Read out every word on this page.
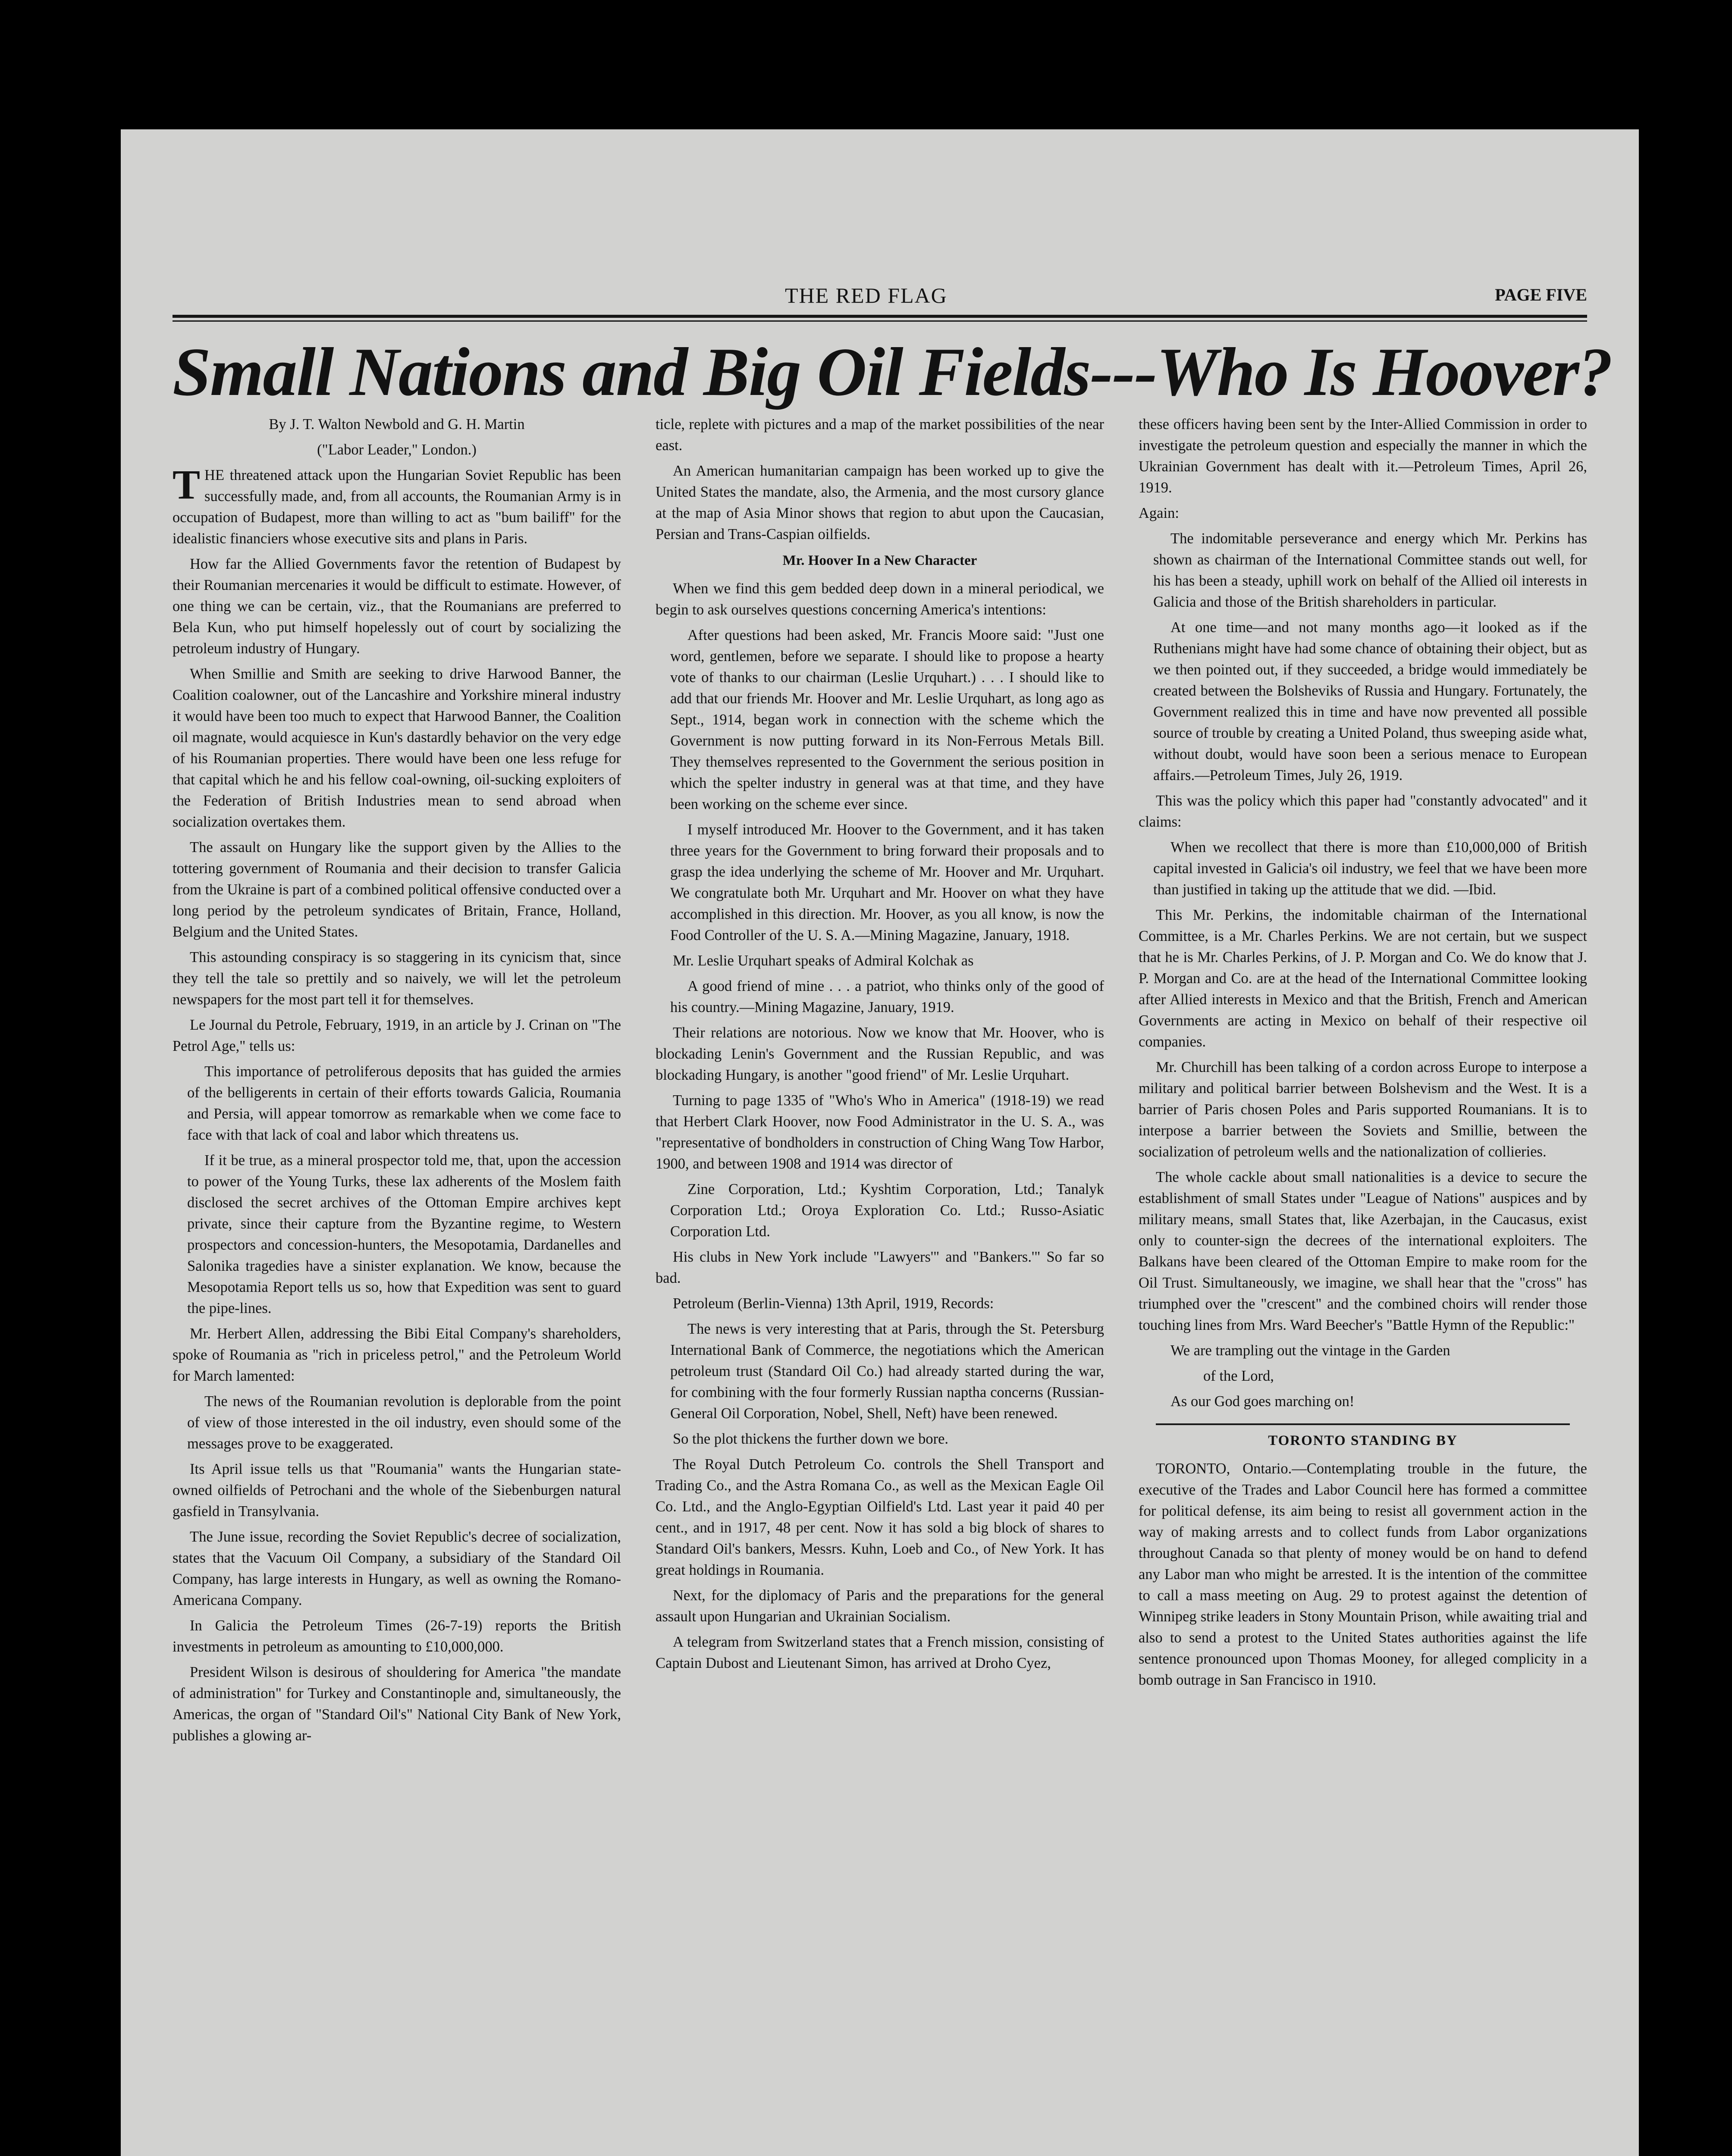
THE RED FLAG	PAGE FIVE
Small Nations and Big Oil Fields---Who Is Hoover?

By J. T. Walton Newbold and G. H. Martin

("Labor Leader," London.)

THE threatened attack upon the Hungarian Soviet Republic has been successfully made, and, from all accounts, the Roumanian Army is in occupation of Budapest, more than willing to act as "bum bailiff" for the idealistic financiers whose executive sits and plans in Paris.

How far the Allied Governments favor the retention of Budapest by their Roumanian mercenaries it would be difficult to estimate. However, of one thing we can be certain, viz., that the Roumanians are preferred to Bela Kun, who put himself hopelessly out of court by socializing the petroleum industry of Hungary.

When Smillie and Smith are seeking to drive Harwood Banner, the Coalition coalowner, out of the Lancashire and Yorkshire mineral industry it would have been too much to expect that Harwood Banner, the Coalition oil magnate, would acquiesce in Kun's dastardly behavior on the very edge of his Roumanian properties. There would have been one less refuge for that capital which he and his fellow coal-owning, oil-sucking exploiters of the Federation of British Industries mean to send abroad when socialization overtakes them.

The assault on Hungary like the support given by the Allies to the tottering government of Roumania and their decision to transfer Galicia from the Ukraine is part of a combined political offensive conducted over a long period by the petroleum syndicates of Britain, France, Holland, Belgium and the United States.

This astounding conspiracy is so staggering in its cynicism that, since they tell the tale so prettily and so naively, we will let the petroleum newspapers for the most part tell it for themselves.

Le Journal du Petrole, February, 1919, in an article by J. Crinan on "The Petrol Age," tells us:

This importance of petroliferous deposits that has guided the armies of the belligerents in certain of their efforts towards Galicia, Roumania and Persia, will appear tomorrow as remarkable when we come face to face with that lack of coal and labor which threatens us.

If it be true, as a mineral prospector told me, that, upon the accession to power of the Young Turks, these lax adherents of the Moslem faith disclosed the secret archives of the Ottoman Empire archives kept private, since their capture from the Byzantine regime, to Western prospectors and concession-hunters, the Mesopotamia, Dardanelles and Salonika tragedies have a sinister explanation. We know, because the Mesopotamia Report tells us so, how that Expedition was sent to guard the pipe-lines.

Mr. Herbert Allen, addressing the Bibi Eital Company's shareholders, spoke of Roumania as "rich in priceless petrol," and the Petroleum World for March lamented:

The news of the Roumanian revolution is deplorable from the point of view of those interested in the oil industry, even should some of the messages prove to be exaggerated.

Its April issue tells us that "Roumania" wants the Hungarian state-owned oilfields of Petrochani and the whole of the Siebenburgen natural gasfield in Transylvania.

The June issue, recording the Soviet Republic's decree of socialization, states that the Vacuum Oil Company, a subsidiary of the Standard Oil Company, has large interests in Hungary, as well as owning the Romano-Americana Company.

In Galicia the Petroleum Times (26-7-19) reports the British investments in petroleum as amounting to £10,000,000.

President Wilson is desirous of shouldering for America "the mandate of administration" for Turkey and Constantinople and, simultaneously, the Americas, the organ of "Standard Oil's" National City Bank of New York, publishes a glowing ar-

ticle, replete with pictures and a map of the market possibilities of the near east.

An American humanitarian campaign has been worked up to give the United States the mandate, also, the Armenia, and the most cursory glance at the map of Asia Minor shows that region to abut upon the Caucasian, Persian and Trans-Caspian oilfields.

Mr. Hoover In a New Character

When we find this gem bedded deep down in a mineral periodical, we begin to ask ourselves questions concerning America's intentions:

After questions had been asked, Mr. Francis Moore said: "Just one word, gentlemen, before we separate. I should like to propose a hearty vote of thanks to our chairman (Leslie Urquhart.) . . . I should like to add that our friends Mr. Hoover and Mr. Leslie Urquhart, as long ago as Sept., 1914, began work in connection with the scheme which the Government is now putting forward in its Non-Ferrous Metals Bill. They themselves represented to the Government the serious position in which the spelter industry in general was at that time, and they have been working on the scheme ever since.

I myself introduced Mr. Hoover to the Government, and it has taken three years for the Government to bring forward their proposals and to grasp the idea underlying the scheme of Mr. Hoover and Mr. Urquhart. We congratulate both Mr. Urquhart and Mr. Hoover on what they have accomplished in this direction. Mr. Hoover, as you all know, is now the Food Controller of the U. S. A.—Mining Magazine, January, 1918.

Mr. Leslie Urquhart speaks of Admiral Kolchak as

A good friend of mine . . . a patriot, who thinks only of the good of his country.—Mining Magazine, January, 1919.

Their relations are notorious. Now we know that Mr. Hoover, who is blockading Lenin's Government and the Russian Republic, and was blockading Hungary, is another "good friend" of Mr. Leslie Urquhart.

Turning to page 1335 of "Who's Who in America" (1918-19) we read that Herbert Clark Hoover, now Food Administrator in the U. S. A., was "representative of bondholders in construction of Ching Wang Tow Harbor, 1900, and between 1908 and 1914 was director of

Zine Corporation, Ltd.; Kyshtim Corporation, Ltd.; Tanalyk Corporation Ltd.; Oroya Exploration Co. Ltd.; Russo-Asiatic Corporation Ltd.

His clubs in New York include "Lawyers'" and "Bankers.'" So far so bad.

Petroleum (Berlin-Vienna) 13th April, 1919, Records:

The news is very interesting that at Paris, through the St. Petersburg International Bank of Commerce, the negotiations which the American petroleum trust (Standard Oil Co.) had already started during the war, for combining with the four formerly Russian naptha concerns (Russian-General Oil Corporation, Nobel, Shell, Neft) have been renewed.

So the plot thickens the further down we bore.

The Royal Dutch Petroleum Co. controls the Shell Transport and Trading Co., and the Astra Romana Co., as well as the Mexican Eagle Oil Co. Ltd., and the Anglo-Egyptian Oilfield's Ltd. Last year it paid 40 per cent., and in 1917, 48 per cent. Now it has sold a big block of shares to Standard Oil's bankers, Messrs. Kuhn, Loeb and Co., of New York. It has great holdings in Roumania.

Next, for the diplomacy of Paris and the preparations for the general assault upon Hungarian and Ukrainian Socialism.

A telegram from Switzerland states that a French mission, consisting of Captain Dubost and Lieutenant Simon, has arrived at Droho Cyez,

these officers having been sent by the Inter-Allied Commission in order to investigate the petroleum question and especially the manner in which the Ukrainian Government has dealt with it.—Petroleum Times, April 26, 1919.

Again:

The indomitable perseverance and energy which Mr. Perkins has shown as chairman of the International Committee stands out well, for his has been a steady, uphill work on behalf of the Allied oil interests in Galicia and those of the British shareholders in particular.

At one time—and not many months ago—it looked as if the Ruthenians might have had some chance of obtaining their object, but as we then pointed out, if they succeeded, a bridge would immediately be created between the Bolsheviks of Russia and Hungary. Fortunately, the Government realized this in time and have now prevented all possible source of trouble by creating a United Poland, thus sweeping aside what, without doubt, would have soon been a serious menace to European affairs.—Petroleum Times, July 26, 1919.

This was the policy which this paper had "constantly advocated" and it claims:

When we recollect that there is more than £10,000,000 of British capital invested in Galicia's oil industry, we feel that we have been more than justified in taking up the attitude that we did. —Ibid.

This Mr. Perkins, the indomitable chairman of the International Committee, is a Mr. Charles Perkins. We are not certain, but we suspect that he is Mr. Charles Perkins, of J. P. Morgan and Co. We do know that J. P. Morgan and Co. are at the head of the International Committee looking after Allied interests in Mexico and that the British, French and American Governments are acting in Mexico on behalf of their respective oil companies.

Mr. Churchill has been talking of a cordon across Europe to interpose a military and political barrier between Bolshevism and the West. It is a barrier of Paris chosen Poles and Paris supported Roumanians. It is to interpose a barrier between the Soviets and Smillie, between the socialization of petroleum wells and the nationalization of collieries.

The whole cackle about small nationalities is a device to secure the establishment of small States under "League of Nations" auspices and by military means, small States that, like Azerbajan, in the Caucasus, exist only to counter-sign the decrees of the international exploiters. The Balkans have been cleared of the Ottoman Empire to make room for the Oil Trust. Simultaneously, we imagine, we shall hear that the "cross" has triumphed over the "crescent" and the combined choirs will render those touching lines from Mrs. Ward Beecher's "Battle Hymn of the Republic:"

We are trampling out the vintage in the Garden

of the Lord,

As our God goes marching on!

TORONTO STANDING BY

TORONTO, Ontario.—Contemplating trouble in the future, the executive of the Trades and Labor Council here has formed a committee for political defense, its aim being to resist all government action in the way of making arrests and to collect funds from Labor organizations throughout Canada so that plenty of money would be on hand to defend any Labor man who might be arrested. It is the intention of the committee to call a mass meeting on Aug. 29 to protest against the detention of Winnipeg strike leaders in Stony Mountain Prison, while awaiting trial and also to send a protest to the United States authorities against the life sentence pronounced upon Thomas Mooney, for alleged complicity in a bomb outrage in San Francisco in 1910.
